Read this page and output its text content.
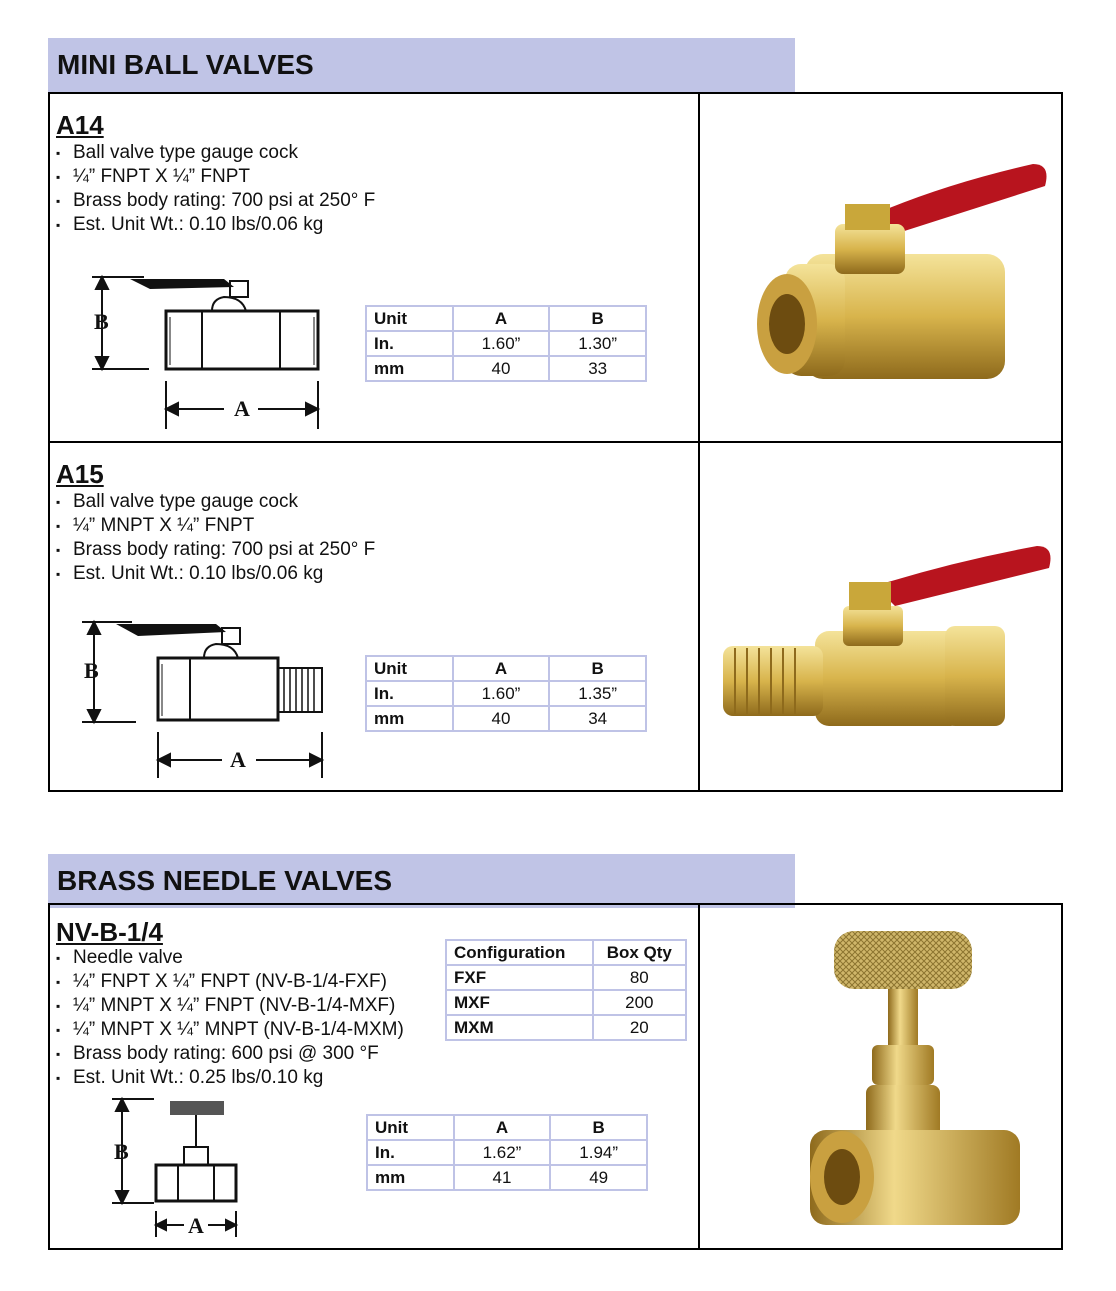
MINI BALL VALVES
A14
▪ Ball valve type gauge cock
▪ ¼” FNPT X ¼” FNPT
▪ Brass body rating: 700 psi at 250° F
▪ Est. Unit Wt.: 0.10 lbs/0.06 kg
B
A
Unit	A	B
In.	1.60”	1.30”
mm	40	33
A15
▪ Ball valve type gauge cock
▪ ¼” MNPT X ¼” FNPT
▪ Brass body rating: 700 psi at 250° F
▪ Est. Unit Wt.: 0.10 lbs/0.06 kg
B
A
Unit	A	B
In.	1.60”	1.35”
mm	40	34
BRASS NEEDLE VALVES
NV-B-1/4
▪ Needle valve
▪ ¼” FNPT X ¼” FNPT (NV-B-1/4-FXF)
▪ ¼” MNPT X ¼” FNPT (NV-B-1/4-MXF)
▪ ¼” MNPT X ¼” MNPT (NV-B-1/4-MXM)
▪ Brass body rating: 600 psi @ 300 °F
▪ Est. Unit Wt.: 0.25 lbs/0.10 kg
Configuration	Box Qty
FXF	80
MXF	200
MXM	20
B
A
Unit	A	B
In.	1.62”	1.94”
mm	41	49
